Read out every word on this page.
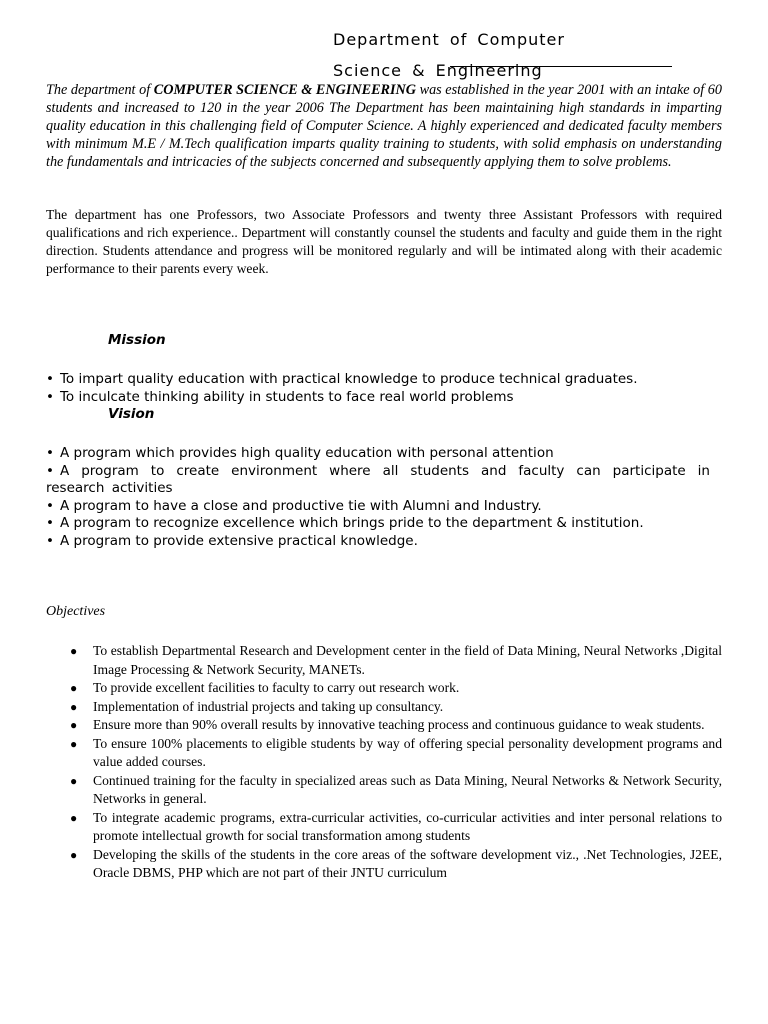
Department of Computer
Science & Engineering

The department of COMPUTER SCIENCE & ENGINEERING was established in the year 2001 with an intake of 60 students and increased to 120 in the year 2006 The Department has been maintaining high standards in imparting quality education in this challenging field of Computer Science. A highly experienced and dedicated faculty members with minimum M.E / M.Tech qualification imparts quality training to students, with solid emphasis on understanding the fundamentals and intricacies of the subjects concerned and subsequently applying them to solve problems.

The department has one Professors, two Associate Professors and twenty three Assistant Professors with required qualifications and rich experience.. Department will constantly counsel the students and faculty and guide them in the right direction. Students attendance and progress will be monitored regularly and will be intimated along with their academic performance to their parents every week.

Mission
• To impart quality education with practical knowledge to produce technical graduates.
• To inculcate thinking ability in students to face real world problems
Vision
• A program which provides high quality education with personal attention
• A program to create environment where all students and faculty can participate in research activities
• A program to have a close and productive tie with Alumni and Industry.
• A program to recognize excellence which brings pride to the department & institution.
• A program to provide extensive practical knowledge.

Objectives

● To establish Departmental Research and Development center in the field of Data Mining, Neural Networks ,Digital Image Processing & Network Security, MANETs.
● To provide excellent facilities to faculty to carry out research work.
● Implementation of industrial projects and taking up consultancy.
● Ensure more than 90% overall results by innovative teaching process and continuous guidance to weak students.
● To ensure 100% placements to eligible students by way of offering special personality development programs and value added courses.
● Continued training for the faculty in specialized areas such as Data Mining, Neural Networks & Network Security, Networks in general.
● To integrate academic programs, extra-curricular activities, co-curricular activities and inter personal relations to promote intellectual growth for social transformation among students
● Developing the skills of the students in the core areas of the software development viz., .Net Technologies, J2EE, Oracle DBMS, PHP which are not part of their JNTU curriculum
